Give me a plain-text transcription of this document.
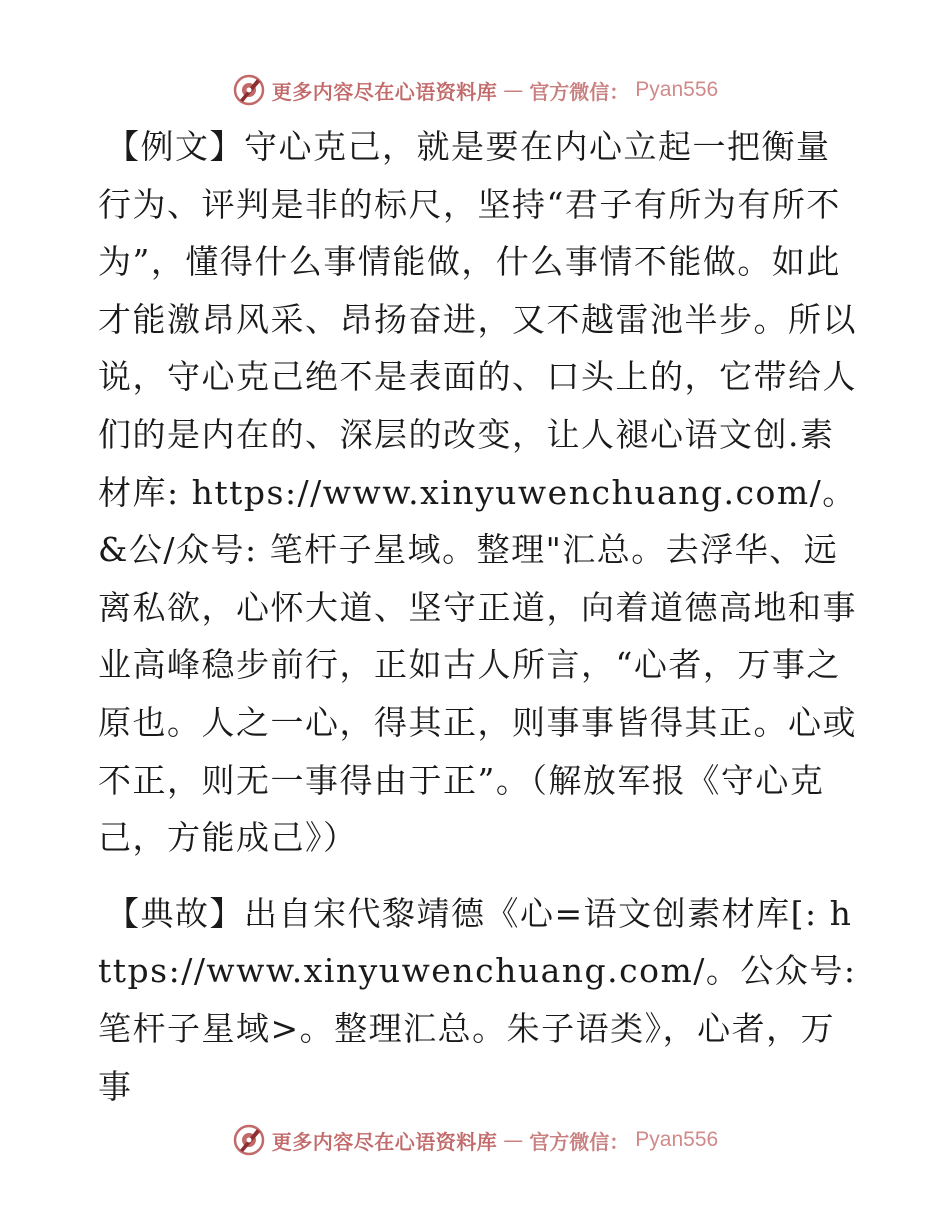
更多内容尽在心语资料库 — 官方微信： Pyan556

【例文】守心克己，就是要在内心立起一把衡量行为、评判是非的标尺，坚持“君子有所为有所不为”，懂得什么事情能做，什么事情不能做。如此才能激昂风采、昂扬奋进，又不越雷池半步。所以说，守心克己绝不是表面的、口头上的，它带给人们的是内在的、深层的改变，让人褪心语文创.素材库: https://www.xinyuwenchuang.com/。&公/众号: 笔杆子星域。整理"汇总。去浮华、远离私欲，心怀大道、坚守正道，向着道德高地和事业高峰稳步前行，正如古人所言，“心者，万事之原也。人之一心，得其正，则事事皆得其正。心或不正，则无一事得由于正”。（解放军报《守心克己，方能成己》）

【典故】出自宋代黎靖德《心=语文创素材库[: https://www.xinyuwenchuang.com/。公众号: 笔杆子星域>。整理汇总。朱子语类》，心者，万事

更多内容尽在心语资料库 — 官方微信： Pyan556
